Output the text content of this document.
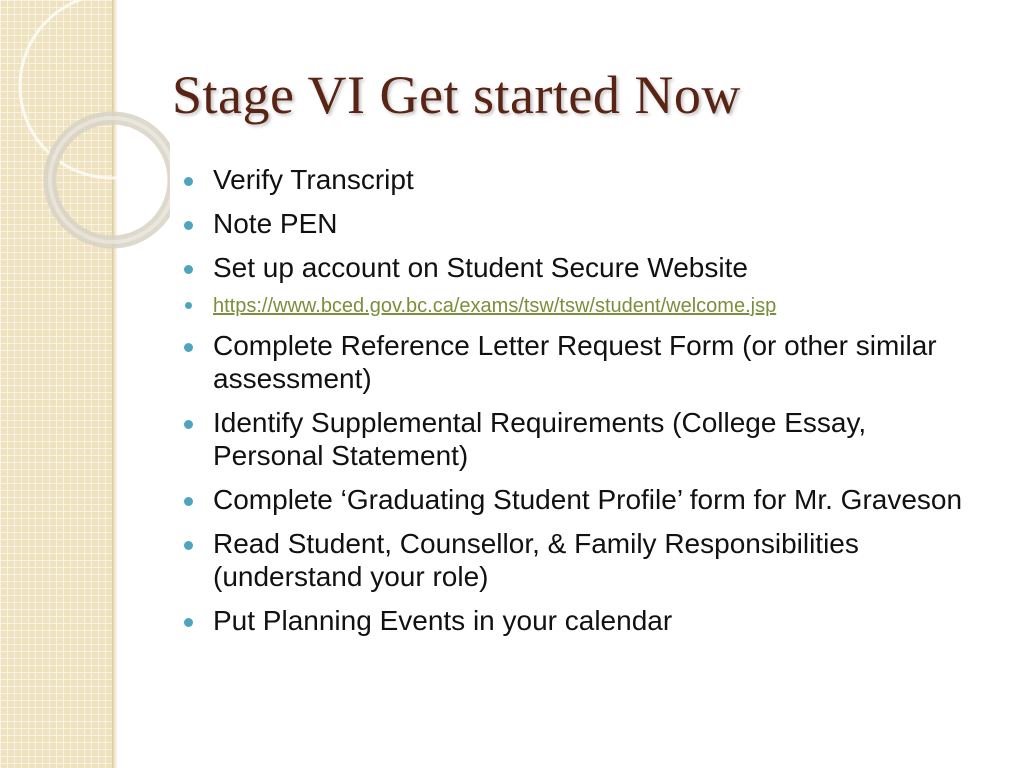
Stage VI Get started Now
Verify Transcript
Note PEN
Set up account on Student Secure Website
https://www.bced.gov.bc.ca/exams/tsw/tsw/student/welcome.jsp
Complete Reference Letter Request Form (or other similar assessment)
Identify Supplemental Requirements (College Essay, Personal Statement)
Complete ‘Graduating Student Profile’ form for Mr. Graveson
Read Student, Counsellor, & Family Responsibilities (understand your role)
Put Planning Events in your calendar
